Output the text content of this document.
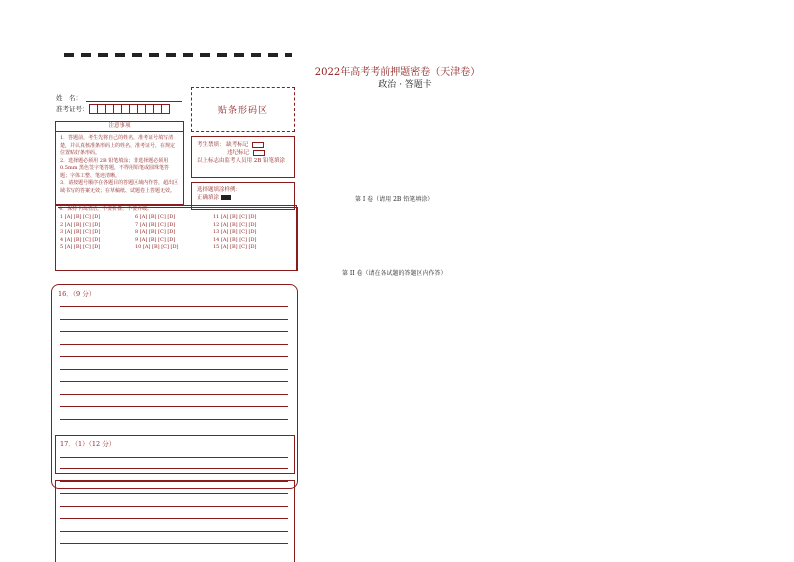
2022年高考考前押题密卷（天津卷）
政治 · 答题卡
姓　名：
准考证号：	贴条形码区
注意事项
1．答题前，考生先将自己的姓名，准考证号填写清楚，并认真核准条形码上的姓名、准考证号，在规定位置贴好条形码。
2．选择题必须用 2B 铅笔填涂；非选择题必须用 0.5mm 黑色签字笔答题，不得用铅笔或圆珠笔答题；字体工整、笔迹清晰。
3．请按题号顺序在各题目的答题区域内作答，超出区域书写的答案无效；在草稿纸、试题卷上答题无效。
考生禁填： 缺考标记
违纪标记
以上标志由监考人员用 2B 铅笔填涂
选择题填涂样例：
正确填涂
4．保持卡面清洁，不要折叠、不要弄破。
1 [A] [B] [C] [D]	6 [A] [B] [C] [D]	11 [A] [B] [C] [D]
2 [A] [B] [C] [D]	7 [A] [B] [C] [D]	12 [A] [B] [C] [D]
3 [A] [B] [C] [D]	8 [A] [B] [C] [D]	13 [A] [B] [C] [D]
4 [A] [B] [C] [D]	9 [A] [B] [C] [D]	14 [A] [B] [C] [D]
5 [A] [B] [C] [D]	10 [A] [B] [C] [D]	15 [A] [B] [C] [D]
第 I 卷（请用 2B 铅笔填涂）
第 II 卷（请在各试题的答题区内作答）
16．（9 分）
17．（1）（12 分）
